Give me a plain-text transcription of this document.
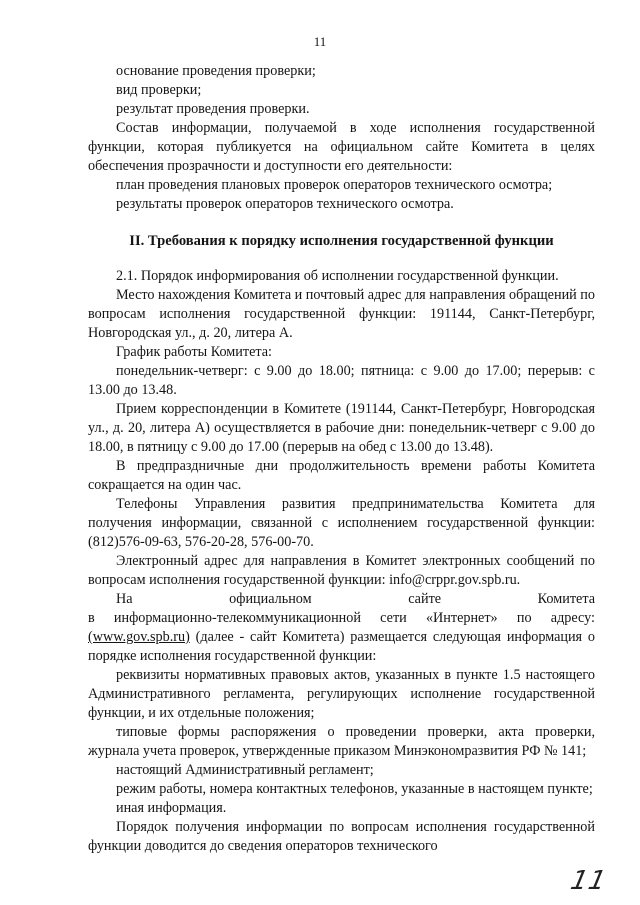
11

основание проведения проверки;

вид проверки;

результат проведения проверки.

Состав информации, получаемой в ходе исполнения государственной функции, которая публикуется на официальном сайте Комитета в целях обеспечения прозрачности и доступности его деятельности:

план проведения плановых проверок операторов технического осмотра;

результаты проверок операторов технического осмотра.

II. Требования к порядку исполнения государственной функции

2.1. Порядок информирования об исполнении государственной функции.

Место нахождения Комитета и почтовый адрес для направления обращений по вопросам исполнения государственной функции: 191144, Санкт-Петербург, Новгородская ул., д. 20, литера А.

График работы Комитета:

понедельник-четверг: с 9.00 до 18.00; пятница: с 9.00 до 17.00; перерыв: с 13.00 до 13.48.

Прием корреспонденции в Комитете (191144, Санкт-Петербург, Новгородская ул., д. 20, литера А) осуществляется в рабочие дни: понедельник-четверг с 9.00 до 18.00, в пятницу с 9.00 до 17.00 (перерыв на обед с 13.00 до 13.48).

В предпраздничные дни продолжительность времени работы Комитета сокращается на один час.

Телефоны Управления развития предпринимательства Комитета для получения информации, связанной с исполнением государственной функции: (812)576-09-63, 576-20-28, 576-00-70.

Электронный адрес для направления в Комитет электронных сообщений по вопросам исполнения государственной функции: info@crppr.gov.spb.ru.

На	официальном	сайте	Комитета

в информационно-телекоммуникационной сети «Интернет» по адресу: (www.gov.spb.ru) (далее - сайт Комитета) размещается следующая информация о порядке исполнения государственной функции:

реквизиты нормативных правовых актов, указанных в пункте 1.5 настоящего Административного регламента, регулирующих исполнение государственной функции, и их отдельные положения;

типовые формы распоряжения о проведении проверки, акта проверки, журнала учета проверок, утвержденные приказом Минэкономразвития РФ № 141;

настоящий Административный регламент;

режим работы, номера контактных телефонов, указанные в настоящем пункте;

иная информация.

Порядок получения информации по вопросам исполнения государственной функции доводится до сведения операторов технического

11
